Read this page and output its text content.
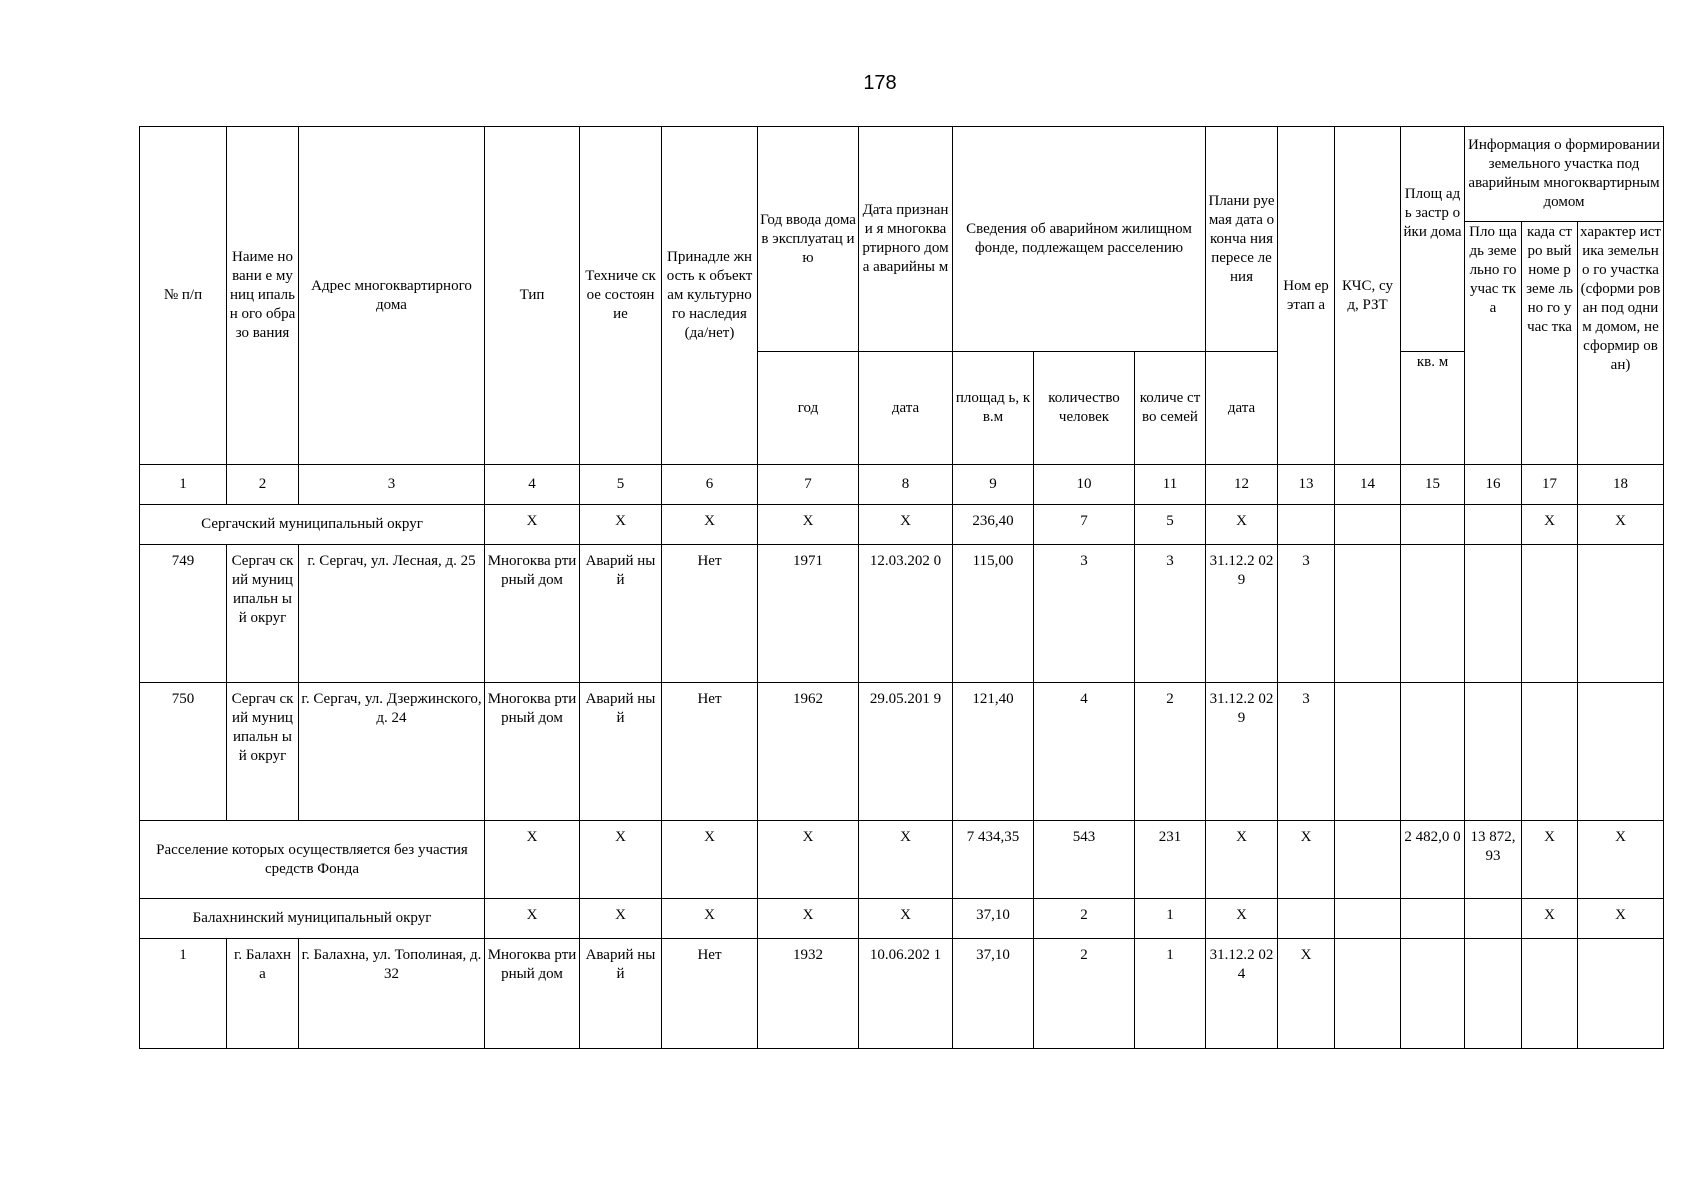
178
№ п/п	Наиме новани е муниц ипальн ого образо вания	Адрес многоквартирного дома	Тип	Техниче ское состоян ие	Принадле жность к объектам культурно го наследия (да/нет)	Год ввода дома в эксплуатац ию	Дата признани я многоква ртирного дома аварийны м	Сведения об аварийном жилищном фонде, подлежащем расселению			Плани руемая дата оконча ния пересе ления	Ном ер этап а	КЧС, суд, РЗТ	Площ адь застр ойки дома	Информация о формировании земельного участка под аварийным многоквартирным домом		
															Пло щадь земе льно го учас тка	када стро вый номе р земе льно го учас тка	характер истика земельно го участка (сформи рован под одним домом, не сформир ован)
						год	дата	площад ь, кв.м	количество человек	количе ство семей	дата			кв. м			
1	2	3	4	5	6	7	8	9	10	11	12	13	14	15	16	17	18
Сергачский муниципальный округ			X	X	X	X	X	236,40	7	5	X					X	X
749	Сергач ский муниц ипальн ый округ	г. Сергач, ул. Лесная, д. 25	Многоква ртирный дом	Аварий ный	Нет	1971	12.03.202 0	115,00	3	3	31.12.2 029	3					
750	Сергач ский муниц ипальн ый округ	г. Сергач, ул. Дзержинского, д. 24	Многоква ртирный дом	Аварий ный	Нет	1962	29.05.201 9	121,40	4	2	31.12.2 029	3					
Расселение которых осуществляется без участия средств Фонда			X	X	X	X	X	7 434,35	543	231	X	X		2 482,0 0	13 872, 93	X	X
Балахнинский муниципальный округ			X	X	X	X	X	37,10	2	1	X					X	X
1	г. Балахн а	г. Балахна, ул. Тополиная, д. 32	Многоква ртирный дом	Аварий ный	Нет	1932	10.06.202 1	37,10	2	1	31.12.2 024	X					
